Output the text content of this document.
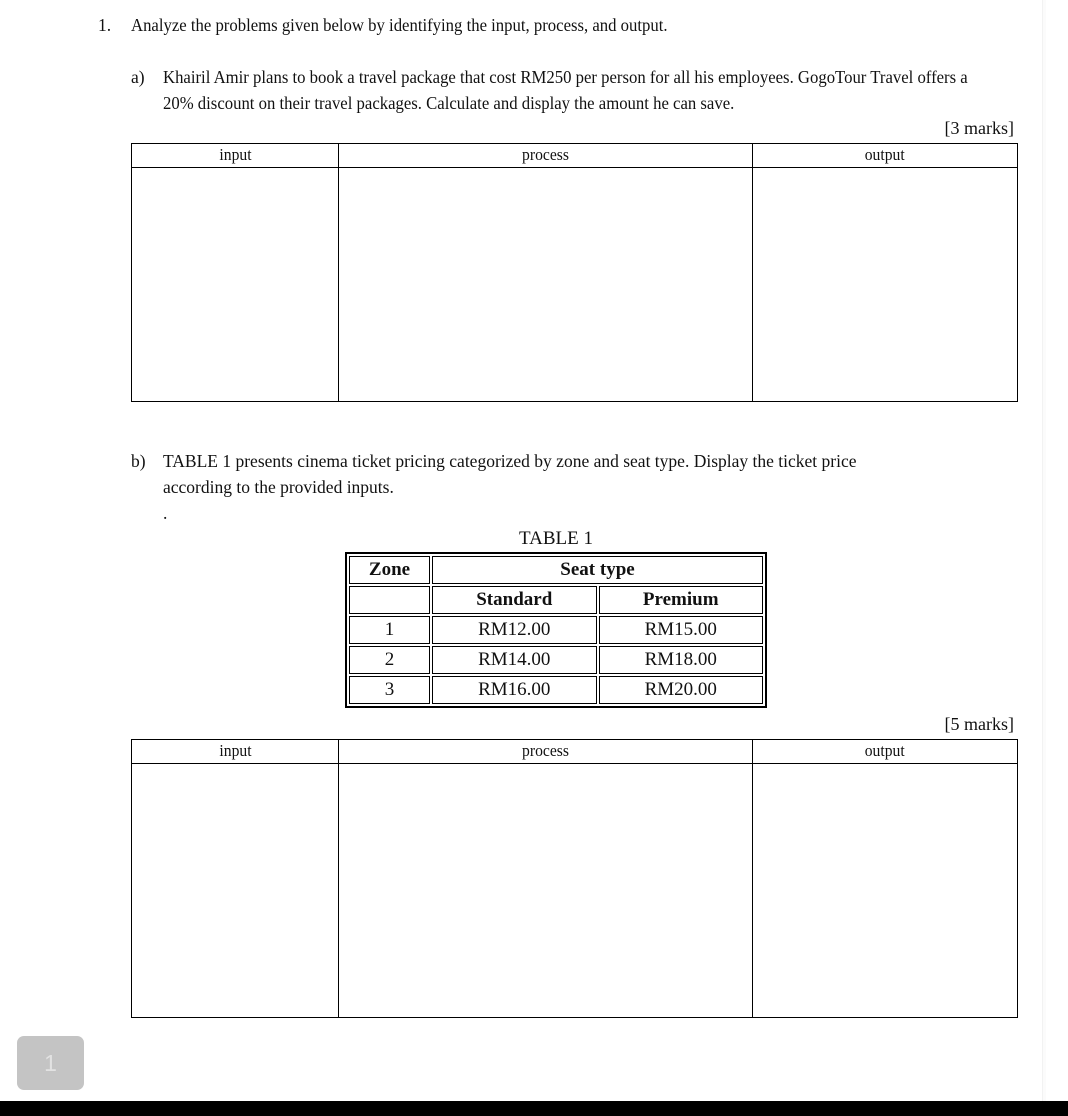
1.	Analyze the problems given below by identifying the input, process, and output.
a)	Khairil Amir plans to book a travel package that cost RM250 per person for all his employees. GogoTour Travel offers a 20% discount on their travel packages. Calculate and display the amount he can save.
[3 marks]
input	process	output

b) TABLE 1 presents cinema ticket pricing categorized by zone and seat type. Display the ticket price
according to the provided inputs.
.
TABLE 1
Zone	Seat type	
	Standard	Premium
1	RM12.00	RM15.00
2	RM14.00	RM18.00
3	RM16.00	RM20.00
[5 marks]
input	process	output

1
